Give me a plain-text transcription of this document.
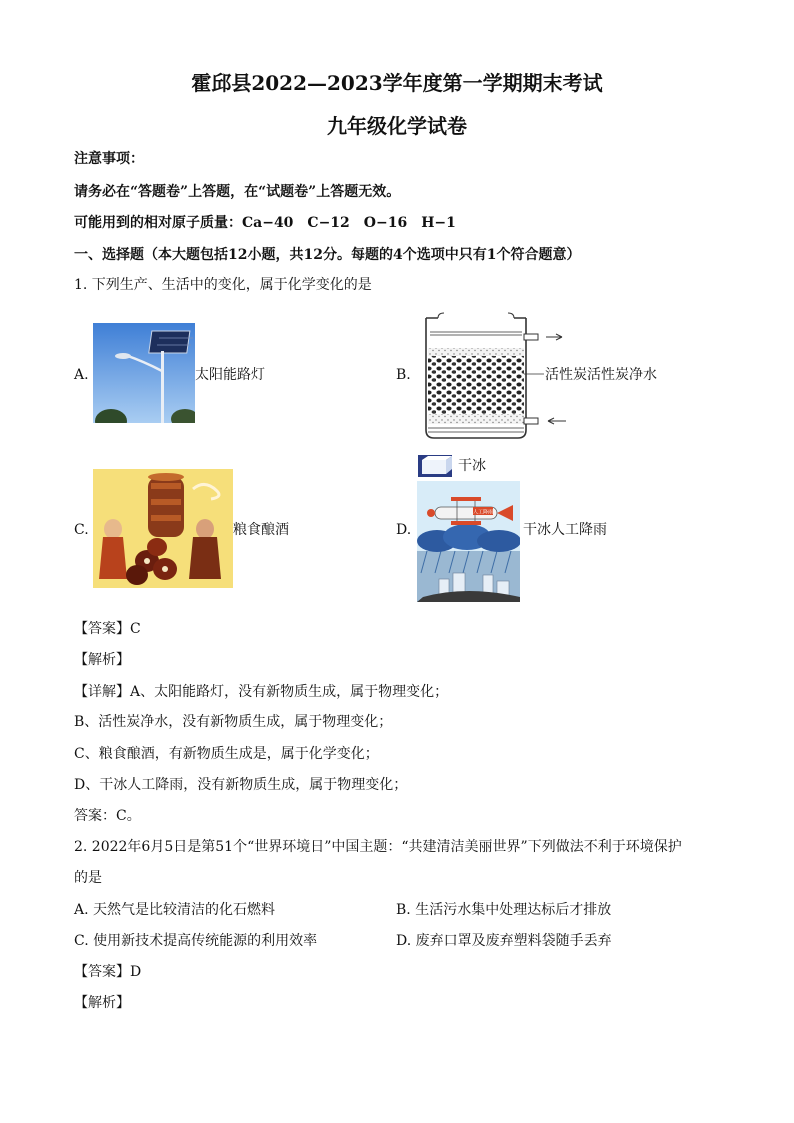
霍邱县2022—2023学年度第一学期期末考试
九年级化学试卷
注意事项：
请务必在“答题卷”上答题，在“试题卷”上答题无效。
可能用到的相对原子质量：Ca−40　C−12　O−16　H−1
一、选择题（本大题包括12小题，共12分。每题的4个选项中只有1个符合题意）
1. 下列生产、生活中的变化，属于化学变化的是
A.	太阳能路灯	B.	活性炭活性炭净水
C.	粮食酿酒	D.
干冰
人工降雨
干冰人工降雨
【答案】C
【解析】
【详解】A、太阳能路灯，没有新物质生成，属于物理变化；
B、活性炭净水，没有新物质生成，属于物理变化；
C、粮食酿酒，有新物质生成是，属于化学变化；
D、干冰人工降雨，没有新物质生成，属于物理变化；
答案：C。
2. 2022年6月5日是第51个“世界环境日”中国主题：“共建清洁美丽世界”下列做法不利于环境保护
的是
A. 天然气是比较清洁的化石燃料	B. 生活污水集中处理达标后才排放
C. 使用新技术提高传统能源的利用效率	D. 废弃口罩及废弃塑料袋随手丢弃
【答案】D
【解析】
